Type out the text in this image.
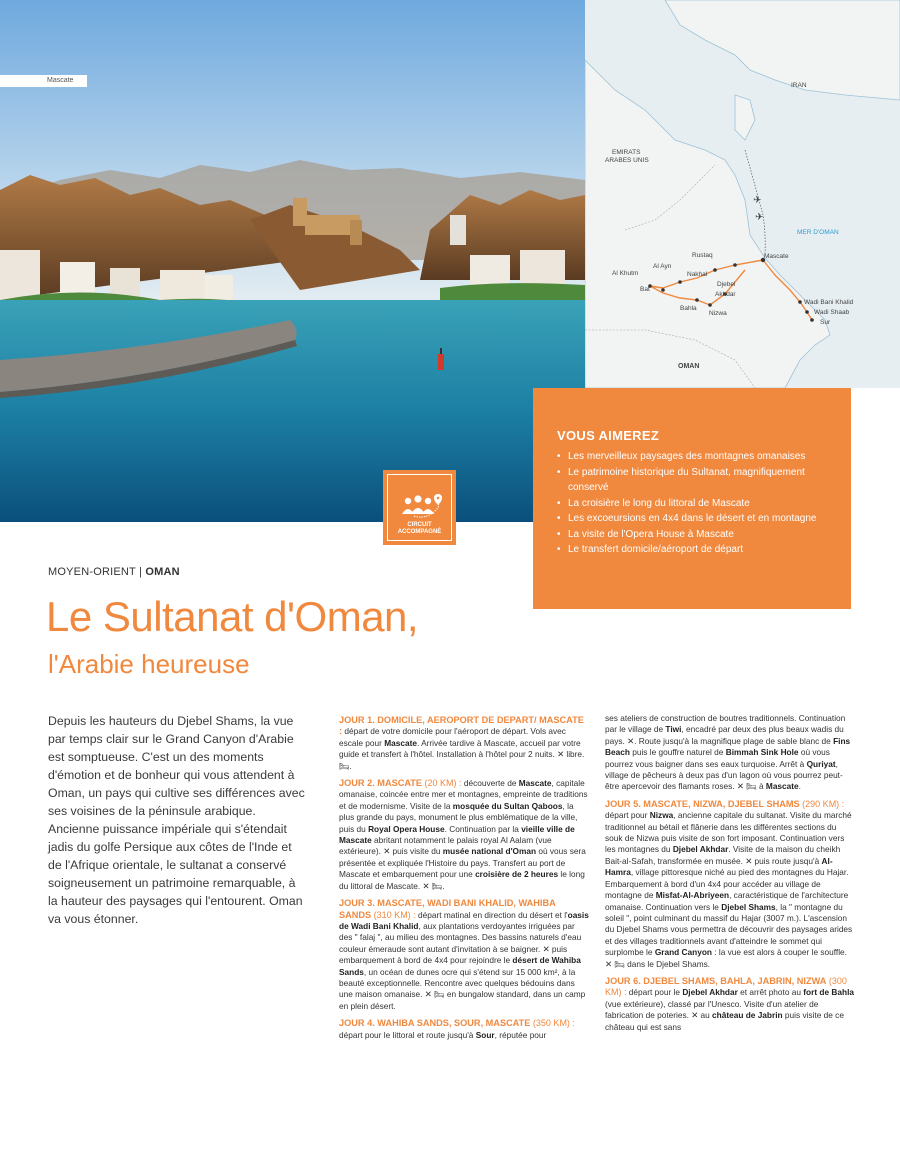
Mascate
✈
✈
IRAN
EMIRATS
ARABES UNIS
OMAN
MER D'OMAN
Mascate
Rustaq
Nakhal
Al Ayn
Al Khutm
Bat
Djebel
Akhdar
Bahla
Nizwa
Wadi Bani Khalid
Wadi Shaab
Sur
VOUS AIMEREZ
• Les merveilleux paysages des montagnes omanaises
• Le patrimoine historique du Sultanat, magnifiquement conservé
• La croisière le long du littoral de Mascate
• Les excoeursions en 4x4 dans le désert et en montagne
• La visite de l'Opera House à Mascate
• Le transfert domicile/aéroport de départ
CIRCUIT
ACCOMPAGNÉ
MOYEN-ORIENT | OMAN
Le Sultanat d'Oman,
l'Arabie heureuse
Depuis les hauteurs du Djebel Shams, la vue par temps clair sur le Grand Canyon d'Arabie est somptueuse. C'est un des moments d'émotion et de bonheur qui vous attendent à Oman, un pays qui cultive ses différences avec ses voisines de la péninsule arabique. Ancienne puissance impériale qui s'étendait jadis du golfe Persique aux côtes de l'Inde et de l'Afrique orientale, le sultanat a conservé soigneusement un patrimoine remarquable, à la hauteur des paysages qui l'entourent. Oman va vous étonner.

JOUR 1. DOMICILE, AEROPORT DE DEPART/ MASCATE : départ de votre domicile pour l'aéroport de départ. Vols avec escale pour Mascate. Arrivée tardive à Mascate, accueil par votre guide et transfert à l'hôtel. Installation à l'hôtel pour 2 nuits. ✕ libre. 🛏.

JOUR 2. MASCATE (20 KM) : découverte de Mascate, capitale omanaise, coincée entre mer et montagnes, empreinte de traditions et de modernisme. Visite de la mosquée du Sultan Qaboos, la plus grande du pays, monument le plus emblématique de la ville, puis du Royal Opera House. Continuation par la vieille ville de Mascate abritant notamment le palais royal Al Aalam (vue extérieure). ✕ puis visite du musée national d'Oman où vous sera présentée et expliquée l'Histoire du pays. Transfert au port de Mascate et embarquement pour une croisière de 2 heures le long du littoral de Mascate. ✕ 🛏.

JOUR 3. MASCATE, WADI BANI KHALID, WAHIBA SANDS (310 KM) : départ matinal en direction du désert et l'oasis de Wadi Bani Khalid, aux plantations verdoyantes irriguées par des " falaj ", au milieu des montagnes. Des bassins naturels d'eau couleur émeraude sont autant d'invitation à se baigner. ✕ puis embarquement à bord de 4x4 pour rejoindre le désert de Wahiba Sands, un océan de dunes ocre qui s'étend sur 15 000 km², à la beauté exceptionnelle. Rencontre avec quelques bédouins dans une maison omanaise. ✕ 🛏 en bungalow standard, dans un camp en plein désert.

JOUR 4. WAHIBA SANDS, SOUR, MASCATE (350 KM) : départ pour le littoral et route jusqu'à Sour, réputée pour

ses ateliers de construction de boutres traditionnels. Continuation par le village de Tiwi, encadré par deux des plus beaux wadis du pays. ✕. Route jusqu'à la magnifique plage de sable blanc de Fins Beach puis le gouffre naturel de Bimmah Sink Hole où vous pourrez vous baigner dans ses eaux turquoise. Arrêt à Quriyat, village de pêcheurs à deux pas d'un lagon où vous pourrez peut-être apercevoir des flamants roses. ✕ 🛏 à Mascate.

JOUR 5. MASCATE, NIZWA, DJEBEL SHAMS (290 KM) : départ pour Nizwa, ancienne capitale du sultanat. Visite du marché traditionnel au bétail et flânerie dans les différentes sections du souk de Nizwa puis visite de son fort imposant. Continuation vers les montagnes du Djebel Akhdar. Visite de la maison du cheikh Bait-al-Safah, transformée en musée. ✕ puis route jusqu'à Al-Hamra, village pittoresque niché au pied des montagnes du Hajar. Embarquement à bord d'un 4x4 pour accéder au village de montagne de Misfat-Al-Abriyeen, caractéristique de l'architecture omanaise. Continuation vers le Djebel Shams, la " montagne du soleil ", point culminant du massif du Hajar (3007 m.). L'ascension du Djebel Shams vous permettra de découvrir des paysages arides et des villages traditionnels avant d'atteindre le sommet qui surplombe le Grand Canyon : la vue est alors à couper le souffle. ✕ 🛏 dans le Djebel Shams.

JOUR 6. DJEBEL SHAMS, BAHLA, JABRIN, NIZWA (300 KM) : départ pour le Djebel Akhdar et arrêt photo au fort de Bahla (vue extérieure), classé par l'Unesco. Visite d'un atelier de fabrication de poteries. ✕ au château de Jabrin puis visite de ce château qui est sans
